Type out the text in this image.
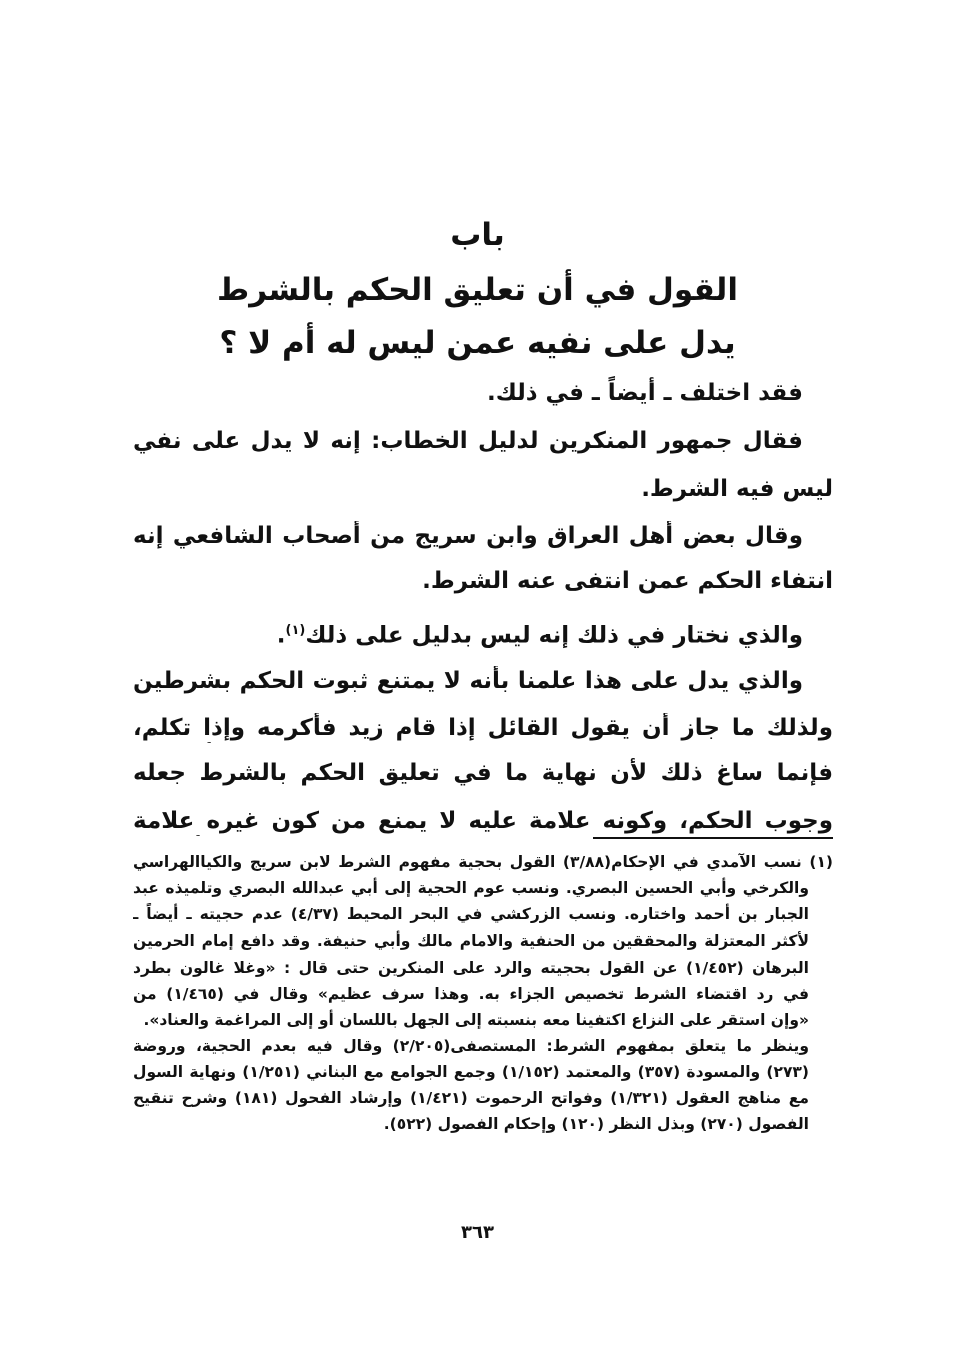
باب
القول في أن تعليق الحكم بالشرط
يدل على نفيه عمن ليس له أم لا ؟
فقد اختلف ـ أيضاً ـ في ذلك.
فقال جمهور المنكرين لدليل الخطاب: إنه لا يدل على نفي
ليس فيه الشرط.
وقال بعض أهل العراق وابن سريج من أصحاب الشافعي إنه
انتفاء الحكم عمن انتفى عنه الشرط.
والذي نختار في ذلك إنه ليس بدليل على ذلك$^{(١)}$.
والذي يدل على هذا علمنا بأنه لا يمتنع ثبوت الحكم بشرطين
ولذلك ما جاز أن يقول القائل إذا قام زيد فأكرمه وإذا تكلم،
فإنما ساغ ذلك لأن نهاية ما في تعليق الحكم بالشرط جعله
وجوب الحكم، وكونه علامة عليه لا يمنع من كون غيره علامة
(١) نسب الآمدي في الإحكام(٣/٨٨) القول بحجية مفهوم الشرط لابن سريج والكياالهراسي
والكرخي وأبي الحسين البصري. ونسب عوم الحجية إلى أبي عبدالله البصري وتلميذه عبد
الجبار بن أحمد واختاره. ونسب الزركشي في البحر المحيط (٤/٣٧) عدم حجيته ـ أيضاً ـ
لأكثر المعتزلة والمحققين من الحنفية والامام مالك وأبي حنيفة. وقد دافع إمام الحرمين
البرهان (١/٤٥٢) عن القول بحجيته والرد على المنكرين حتى قال : «وغلا غالون بطرد
في رد اقتضاء الشرط تخصيص الجزاء به. وهذا سرف عظيم» وقال في (١/٤٦٥) من
«وإن استقر على النزاع اكتفينا معه بنسبته إلى الجهل باللسان أو إلى المراغمة والعناد».
وينظر ما يتعلق بمفهوم الشرط: المستصفى(٢/٢٠٥) وقال فيه بعدم الحجية، وروضة
(٢٧٣) والمسودة (٣٥٧) والمعتمد (١/١٥٢) وجمع الجوامع مع البناني (١/٢٥١) ونهاية السول
مع مناهج العقول (١/٣٢١) وفواتح الرحموت (١/٤٢١) وإرشاد الفحول (١٨١) وشرح تنقيح
الفصول (٢٧٠) وبذل النظر (١٢٠) وإحكام الفصول (٥٢٢).
٣٦٣
